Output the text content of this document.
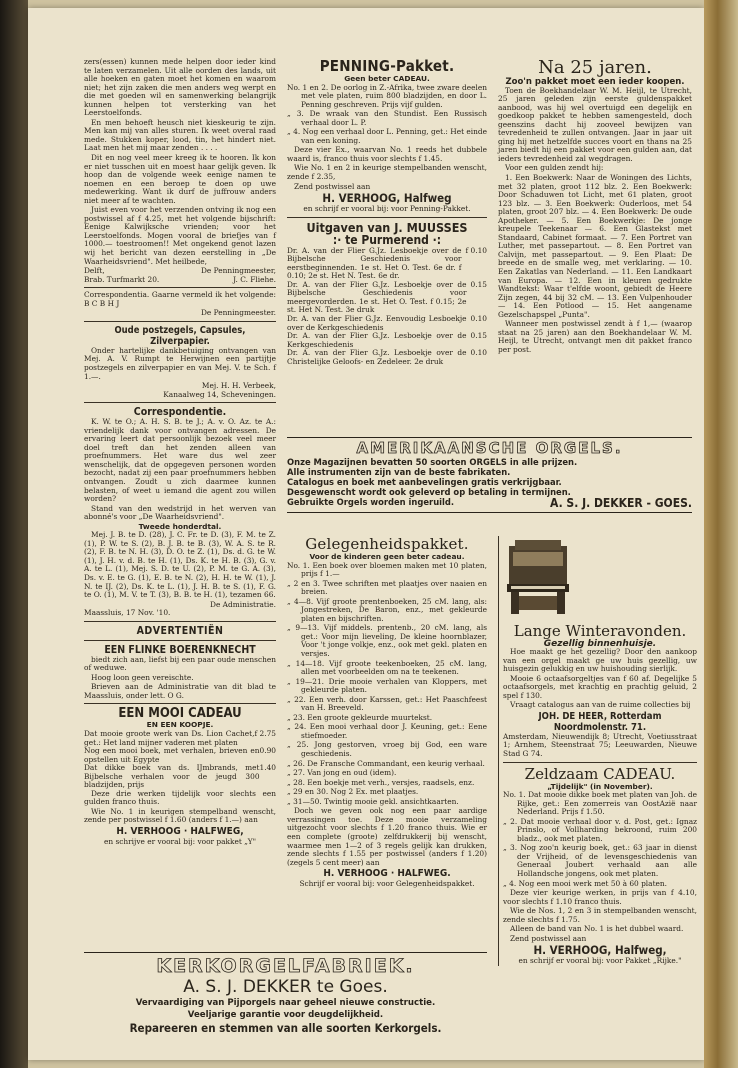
zers(essen) kunnen mede helpen door ieder kind te laten verzamelen. Uit alle oorden des lands, uit alle hoeken en gaten moet het komen en waarom niet; het zijn zaken die men anders weg werpt en die met goeden wil en samenwerking belangrijk kunnen helpen tot versterking van het Leerstoelfonds.

En men behoeft heusch niet kieskeurig te zijn. Men kan mij van alles sturen. Ik weet overal raad mede. Stukken koper, lood, tin, het hindert niet. Laat men het mij maar zenden . . . .

Dit en nog veel meer kreeg ik te hooren. Ik kon er niet tusschen uit en moest haar gelijk geven. Ik hoop dan de volgende week eenige namen te noemen en een beroep te doen op uwe medewerking. Want ik durf de juffrouw anders niet meer af te wachten.

Juist even voor het verzenden ontving ik nog een postwissel af f 4.25, met het volgende bijschrift: Eenige Kalwijksche vrienden; voor het Leerstoelfonds. Mogen vooral de briefjes van f 1000.— toestroomen!! Met ongekend genot lazen wij het bericht van dezen eerstelling in „De Waarheidsvriend". Met heilbede,

Delft,	De Penningmeester,
Brab. Turfmarkt 20.	J. C. Fliehe.

Correspondentia. Gaarne vermeld ik het volgende: B C B H J

De Penningmeester.
Oude postzegels, Capsules, Zilverpapier.

Onder hartelijke dankbetuiging ontvangen van Mej. A. V. Rumpt te Herwijnen een partijtje postzegels en zilverpapier en van Mej. V. te Sch. f 1.—.

Mej. H. H. Verbeek,
Kanaalweg 14, Scheveningen.
Correspondentie.

K. W. te O.; A. H. S. B. te J.; A. v. O. Az. te A.: vriendelijk dank voor ontvangen adressen. De ervaring leert dat persoonlijk bezoek veel meer doel treft dan het zenden alleen van proefnummers. Het ware dus wel zeer wenschelijk, dat de opgegeven personen worden bezocht, nadat zij een paar proefnummers hebben ontvangen. Zoudt u zich daarmee kunnen belasten, of weet u iemand die agent zou willen worden?

Stand van den wedstrijd in het werven van abonné's voor „De Waarheidsvriend".

Tweede honderdtal.

Mej. J. B. te D. (28), J. C. Fr. te D. (3), F. M. te Z. (1), P. W. te S. (2), B. J. B. te B. (3), W. A. S. te R. (2), F. B. te N. H. (3), D. O. te Z. (1), Ds. d. G. te W. (1), J. H. v. d. B. te H. (1), Ds. K. te H. B. (3), G. v. A. te L. (1), Mej. S. D. te U. (2), P. M. te G. A. (3), Ds. v. E. te G. (1), E. B. te N. (2), H. H. te W. (1), J. N. te IJ. (2), Ds. K. te L. (1), J. H. B. te S. (1), F. G. te O. (1), M. V. te T. (3), B. B. te H. (1), tezamen 66.

De Administratie.
Maassluis, 17 Nov. '10.
ADVERTENTIËN
EEN FLINKE BOERENKNECHT

biedt zich aan, liefst bij een paar oude menschen of weduwe.

Hoog loon geen vereischte.

Brieven aan de Administratie van dit blad te Maassluis, onder lett. O G.

EEN MOOI CADEAU
EN EEN KOOPJE.
Dat mooie groote werk van Ds. Lion Cachet, get.: Het land mijner vaderen met platen
f 2.75
Nog een mooi boek, met verhalen, brieven en opstellen uit Egypte
0.90
Dat dikke boek van ds. IJmbrands, met Bijbelsche verhalen voor de jeugd 300 bladzijden, prijs
1.40

Deze drie werken tijdelijk voor slechts een gulden franco thuis.

Wie No. 1 in keurigen stempelband wenscht, zende per postwissel f 1.60 (anders f 1.—) aan

H. VERHOOG · HALFWEG,
en schrijve er vooral bij: voor pakket „Y"
PENNING-Pakket.
Geen beter CADEAU.

No. 1 en 2. De oorlog in Z.-Afrika, twee zware deelen met vele platen, ruim 800 bladzijden, en door L. Penning geschreven. Prijs vijf gulden.

„ 3. De wraak van den Stundist. Een Russisch verhaal door L. P.

„ 4. Nog een verhaal door L. Penning, get.: Het einde van een koning.

Deze vier Ex., waarvan No. 1 reeds het dubbele waard is, franco thuis voor slechts f 1.45.

Wie No. 1 en 2 in keurige stempelbanden wenscht, zende f 2.35,

Zend postwissel aan

H. VERHOOG, Halfweg
en schrijf er vooral bij: voor Penning-Pakket.
Uitgaven van J. MUUSSES
:· te Purmerend ·:
Dr. A. van der Flier G.Jz. Lesboekje over de Bijbelsche Geschiedenis voor eerstbeginnenden. 1e st. Het O. Test. 6e dr. f 0.10; 2e st. Het N. Test. 6e dr.
f 0.10
Dr. A. van der Flier G.Jz. Lesboekje over de Bijbelsche Geschiedenis voor meergevorderden. 1e st. Het O. Test. f 0.15; 2e st. Het N. Test. 3e druk
0.15
Dr. A. van der Flier G.Jz. Eenvoudig Lesboekje over de Kerkgeschiedenis
0.10
Dr. A. van der Flier G.Jz. Lesboekje over de Kerkgeschiedenis
0.15
Dr. A. van der Flier G.Jz. Lesboekje over de Christelijke Geloofs- en Zedeleer. 2e druk
0.10
Na 25 jaren.
Zoo'n pakket moet een ieder koopen.

Toen de Boekhandelaar W. M. Heijl, te Utrecht, 25 jaren geleden zijn eerste guldenspakket aanbood, was hij wel overtuigd een degelijk en goedkoop pakket te hebben samengesteld, doch geenszins dacht hij zooveel bewijzen van tevredenheid te zullen ontvangen. Jaar in jaar uit ging hij met hetzelfde succes voort en thans na 25 jaren biedt hij een pakket voor een gulden aan, dat ieders tevredenheid zal wegdragen.

Voor een gulden zendt hij:

1. Een Boekwerk: Naar de Woningen des Lichts, met 32 platen, groot 112 blz. 2. Een Boekwerk: Door Schaduwen tot Licht, met 61 platen, groot 123 blz. — 3. Een Boekwerk: Ouderloos, met 54 platen, groot 207 blz. — 4. Een Boekwerk: De oude Apotheker. — 5. Een Boekwerkje: De jonge kreupele Teekenaar — 6. Een Glastekst met Standaard, Cabinet formaat. — 7. Een Portret van Luther, met passepartout. — 8. Een Portret van Calvijn, met passepartout. — 9. Een Plaat: De breede en de smalle weg, met verklaring. — 10. Een Zakatlas van Nederland. — 11. Een Landkaart van Europa. — 12. Een in kleuren gedrukte Wandtekst: Waar t'elfde woont, gebiedt de Heere Zijn zegen, 44 bij 32 cM. — 13. Een Vulpenhouder — 14. Een Potlood — 15. Het aangename Gezelschapspel „Punta".

Wanneer men postwissel zendt à f 1,— (waarop staat na 25 jaren) aan den Boekhandelaar W. M. Heijl, te Utrecht, ontvangt men dit pakket franco per post.

AMERIKAANSCHE ORGELS.
Onze Magazijnen bevatten 50 soorten ORGELS in alle prijzen.
Alle instrumenten zijn van de beste fabrikaten.
Catalogus en boek met aanbevelingen gratis verkrijgbaar.
Desgewenscht wordt ook geleverd op betaling in termijnen.
Gebruikte Orgels worden ingeruild.	A. S. J. DEKKER - GOES.
Gelegenheidspakket.
Voor de kinderen geen beter cadeau.

No. 1. Een boek over bloemen maken met 10 platen, prijs f 1.—

„ 2 en 3. Twee schriften met plaatjes over naaien en breien.

„ 4—8. Vijf groote prentenboeken, 25 cM. lang, als: Jongestreken, De Baron, enz., met gekleurde platen en bijschriften.

„ 9—13. Vijf middels. prentenb., 20 cM. lang, als get.: Voor mijn lieveling, De kleine hoornblazer, Voor 't jonge volkje, enz., ook met gekl. platen en versjes.

„ 14—18. Vijf groote teekenboeken, 25 cM. lang, allen met voorbeelden om na te teekenen.

„ 19—21. Drie mooie verhalen van Kloppers, met gekleurde platen.

„ 22. Een verh. door Karssen, get.: Het Paaschfeest van H. Breeveld.

„ 23. Een groote gekleurde muurtekst.

„ 24. Een mooi verhaal door J. Keuning, get.: Eene stiefmoeder.

„ 25. Jong gestorven, vroeg bij God, een ware geschiedenis.

„ 26. De Fransche Commandant, een keurig verhaal.

„ 27. Van jong en oud (idem).

„ 28. Een boekje met verh., versjes, raadsels, enz.

„ 29 en 30. Nog 2 Ex. met plaatjes.

„ 31—50. Twintig mooie gekl. ansichtkaarten.

Doch we geven ook nog een paar aardige verrassingen toe. Deze mooie verzameling uitgezocht voor slechts f 1.20 franco thuis. Wie er een complete (groote) zelfdrukkerij bij wenscht, waarmee men 1—2 of 3 regels gelijk kan drukken, zende slechts f 1.55 per postwissel (anders f 1.20) (zegels 5 cent meer) aan

H. VERHOOG · HALFWEG.
Schrijf er vooral bij: voor Gelegenheidspakket.
Lange Winteravonden.
Gezellig binnenhuisje.

Hoe maakt ge het gezellig? Door den aankoop van een orgel maakt ge uw huis gezellig, uw huisgezin gelukkig en uw huishouding sierlijk.

Mooie 6 octaafsorgeltjes van f 60 af. Degelijke 5 octaafsorgels, met krachtig en prachtig geluid, 2 spel f 130.

Vraagt catalogus aan van de ruime collecties bij

JOH. DE HEER, Rotterdam Noordmolenstr. 71.

Amsterdam, Nieuwendijk 8; Utrecht, Voetiusstraat 1; Arnhem, Steenstraat 75; Leeuwarden, Nieuwe Stad G 74.

Zeldzaam CADEAU.
„Tijdelijk" (in November).

No. 1. Dat mooie dikke boek met platen van Joh. de Rijke, get.: Een zomerreis van OostAzië naar Nederland. Prijs f 1.50.

„ 2. Dat mooie verhaal door v. d. Post, get.: Ignaz Prinslo, of Vollharding bekroond, ruim 200 bladz., ook met platen.

„ 3. Nog zoo'n keurig boek, get.: 63 jaar in dienst der Vrijheid, of de levensgeschiedenis van Generaal Joubert verhaald aan alle Hollandsche jongens, ook met platen.

„ 4. Nog een mooi werk met 50 à 60 platen.

Deze vier keurige werken, in prijs van f 4.10, voor slechts f 1.10 franco thuis.

Wie de Nos. 1, 2 en 3 in stempelbanden wenscht, zende slechts f 1.75.

Alleen de band van No. 1 is het dubbel waard.

Zend postwissel aan

H. VERHOOG, Halfweg,
en schrijf er vooral bij: voor Pakket „Rijke."
KERKORGELFABRIEK.
A. S. J. DEKKER te Goes.
Vervaardiging van Pijporgels naar geheel nieuwe constructie.
Veeljarige garantie voor deugdelijkheid.
Repareeren en stemmen van alle soorten Kerkorgels.
